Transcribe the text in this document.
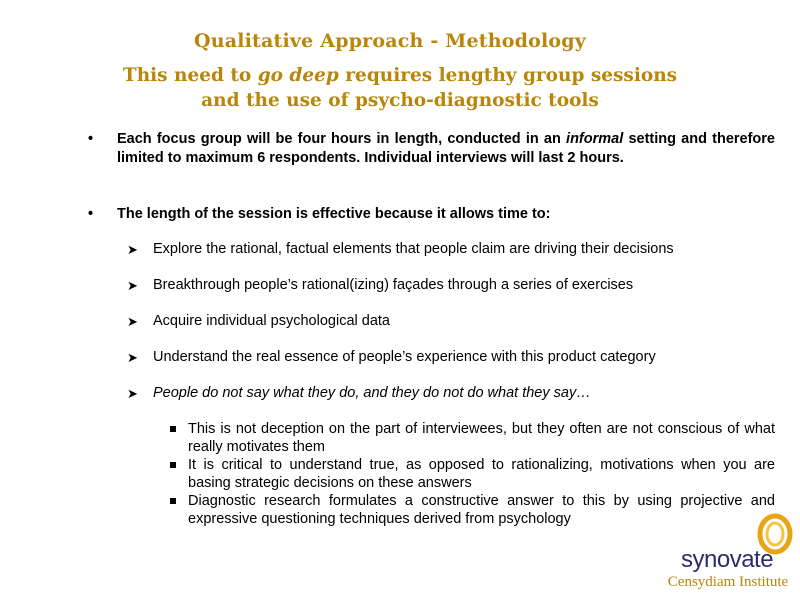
Qualitative Approach - Methodology
This need to go deep requires lengthy group sessions
and the use of psycho-diagnostic tools
• Each focus group will be four hours in length, conducted in an informal setting and therefore limited to maximum 6 respondents. Individual interviews will last 2 hours.
• The length of the session is effective because it allows time to:
➤ Explore the rational, factual elements that people claim are driving their decisions
➤ Breakthrough people’s rational(izing) façades through a series of exercises
➤ Acquire individual psychological data
➤ Understand the real essence of people’s experience with this product category
➤ People do not say what they do, and they do not do what they say…
This is not deception on the part of interviewees, but they often are not conscious of what really motivates them
It is critical to understand true, as opposed to rationalizing, motivations when you are basing strategic decisions on these answers
Diagnostic research formulates a constructive answer to this by using projective and expressive questioning techniques derived from psychology
synovate
Censydiam Institute
